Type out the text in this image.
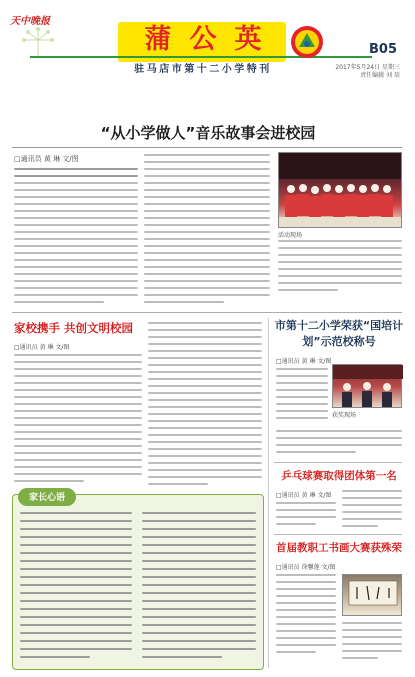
天中晚报
蒲公英
驻马店市第十二小学特刊
B05
2017年5月24日 星期三
责任编辑 刘 辰
“从小学做人”音乐故事会进校园
□通讯员 黄 琳 文/图
活动现场
家校携手 共创文明校园
□通讯员 黄 琳 文/图
家长心语
市第十二小学荣获“国培计划”示范校称号
□通讯员 黄 琳 文/图
获奖现场
乒乓球赛取得团体第一名
□通讯员 黄 琳 文/图
首届教职工书画大赛获殊荣
□通讯员 徐馨莲 文/图
